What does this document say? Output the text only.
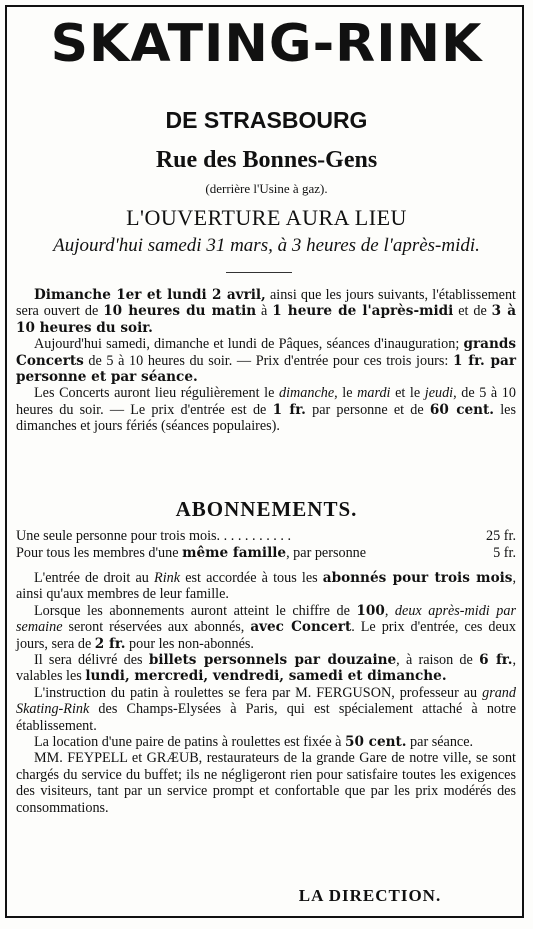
SKATING-RINK
DE STRASBOURG
Rue des Bonnes-Gens
(derrière l'Usine à gaz).
L'OUVERTURE AURA LIEU
Aujourd'hui samedi 31 mars, à 3 heures de l'après-midi.

Dimanche 1er et lundi 2 avril, ainsi que les jours suivants, l'établissement sera ouvert de 10 heures du matin à 1 heure de l'après-midi et de 3 à 10 heures du soir.

Aujourd'hui samedi, dimanche et lundi de Pâques, séances d'inauguration; grands Concerts de 5 à 10 heures du soir. — Prix d'entrée pour ces trois jours: 1 fr. par personne et par séance.

Les Concerts auront lieu régulièrement le dimanche, le mardi et le jeudi, de 5 à 10 heures du soir. — Le prix d'entrée est de 1 fr. par personne et de 60 cent. les dimanches et jours fériés (séances populaires).

ABONNEMENTS.
Une seule personne pour trois mois. . . . . . . . . . .	25 fr.
Pour tous les membres d'une même famille, par personne	5 fr.

L'entrée de droit au Rink est accordée à tous les abonnés pour trois mois, ainsi qu'aux membres de leur famille.

Lorsque les abonnements auront atteint le chiffre de 100, deux après-midi par semaine seront réservées aux abonnés, avec Concert. Le prix d'entrée, ces deux jours, sera de 2 fr. pour les non-abonnés.

Il sera délivré des billets personnels par douzaine, à raison de 6 fr., valables les lundi, mercredi, vendredi, samedi et dimanche.

L'instruction du patin à roulettes se fera par M. FERGUSON, professeur au grand Skating-Rink des Champs-Elysées à Paris, qui est spécialement attaché à notre établissement.

La location d'une paire de patins à roulettes est fixée à 50 cent. par séance.

MM. FEYPELL et GRÆUB, restaurateurs de la grande Gare de notre ville, se sont chargés du service du buffet; ils ne négligeront rien pour satisfaire toutes les exigences des visiteurs, tant par un service prompt et confortable que par les prix modérés des consommations.

LA DIRECTION.
